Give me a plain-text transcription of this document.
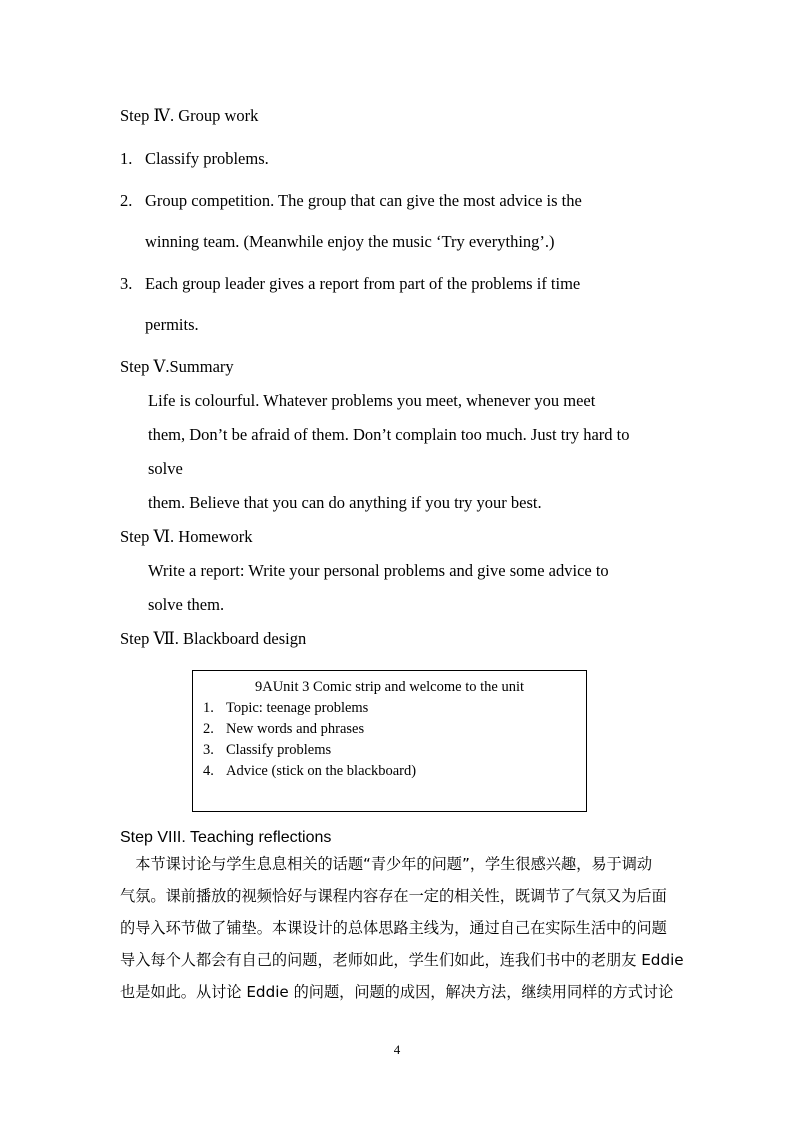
Step Ⅳ. Group work
1. Classify problems.
2. Group competition. The group that can give the most advice is the
winning team. (Meanwhile enjoy the music ‘Try everything’.)
3. Each group leader gives a report from part of the problems if time
permits.
Step Ⅴ.Summary
Life is colourful. Whatever problems you meet, whenever you meet
them, Don’t be afraid of them. Don’t complain too much. Just try hard to
solve
them. Believe that you can do anything if you try your best.
Step Ⅵ. Homework
Write a report: Write your personal problems and give some advice to
solve them.
Step Ⅶ. Blackboard design
9AUnit 3 Comic strip and welcome to the unit
1. Topic: teenage problems
2. New words and phrases
3. Classify problems
4. Advice (stick on the blackboard)
Step VIII. Teaching reflections
　本节课讨论与学生息息相关的话题“青少年的问题”，学生很感兴趣，易于调动
气氛。课前播放的视频恰好与课程内容存在一定的相关性，既调节了气氛又为后面
的导入环节做了铺垫。本课设计的总体思路主线为，通过自己在实际生活中的问题
导入每个人都会有自己的问题，老师如此，学生们如此，连我们书中的老朋友 Eddie
也是如此。从讨论 Eddie 的问题，问题的成因，解决方法，继续用同样的方式讨论
4
